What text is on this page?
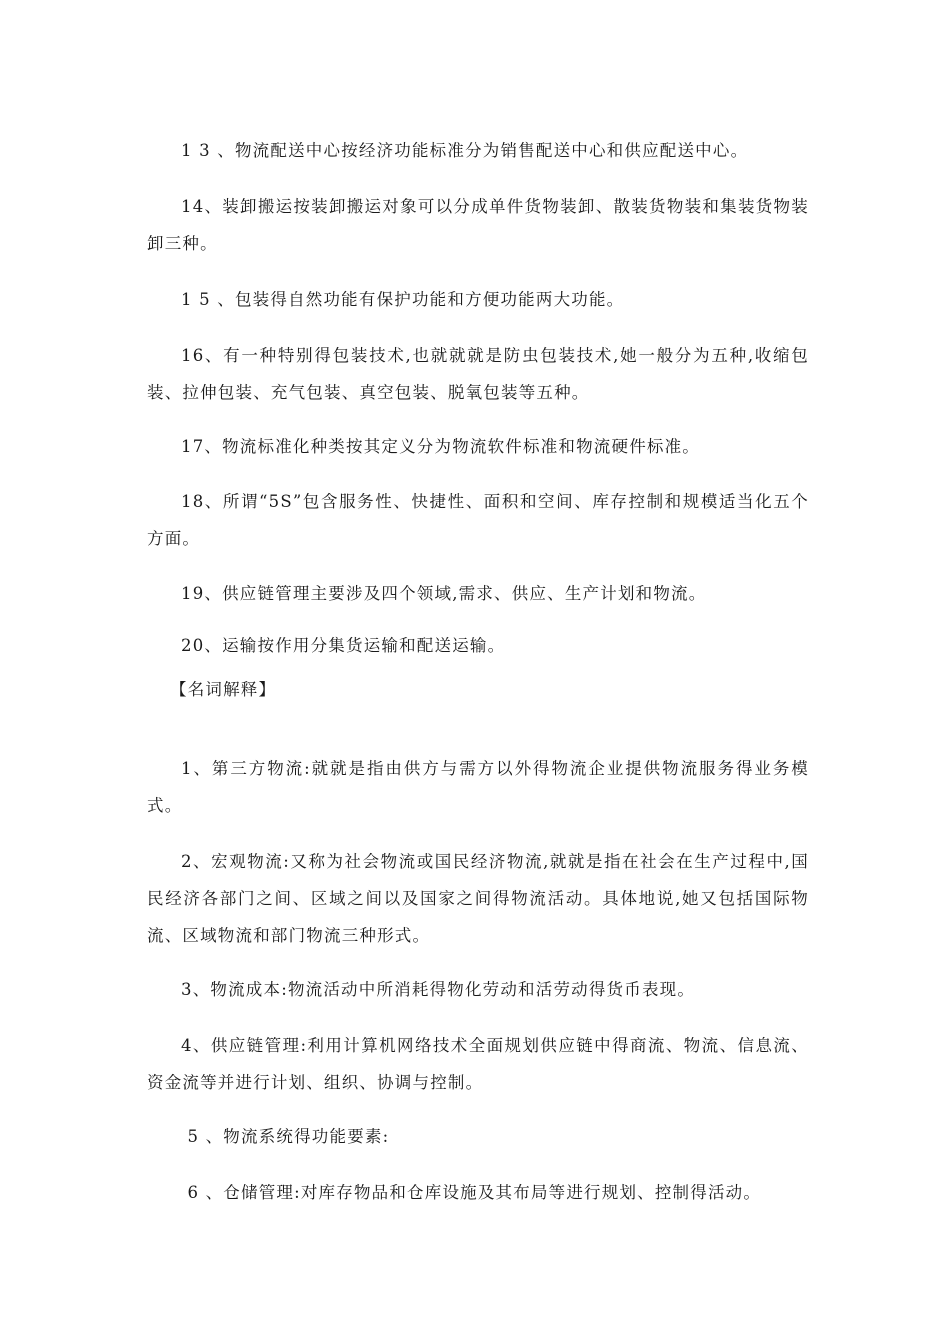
1 3 、物流配送中心按经济功能标准分为销售配送中心和供应配送中心。

14、装卸搬运按装卸搬运对象可以分成单件货物装卸、散装货物装和集装货物装卸三种。

1 5 、包装得自然功能有保护功能和方便功能两大功能。

16、有一种特别得包装技术,也就就就是防虫包装技术,她一般分为五种,收缩包装、拉伸包装、充气包装、真空包装、脱氧包装等五种。

17、物流标准化种类按其定义分为物流软件标准和物流硬件标准。

18、所谓“5S”包含服务性、快捷性、面积和空间、库存控制和规模适当化五个方面。

19、供应链管理主要涉及四个领域,需求、供应、生产计划和物流。

20、运输按作用分集货运输和配送运输。

【名词解释】

1、第三方物流:就就是指由供方与需方以外得物流企业提供物流服务得业务模式。

2、宏观物流:又称为社会物流或国民经济物流,就就是指在社会在生产过程中,国民经济各部门之间、区域之间以及国家之间得物流活动。具体地说,她又包括国际物流、区域物流和部门物流三种形式。

3、物流成本:物流活动中所消耗得物化劳动和活劳动得货币表现。

4、供应链管理:利用计算机网络技术全面规划供应链中得商流、物流、信息流、资金流等并进行计划、组织、协调与控制。

5 、物流系统得功能要素:

6 、仓储管理:对库存物品和仓库设施及其布局等进行规划、控制得活动。
